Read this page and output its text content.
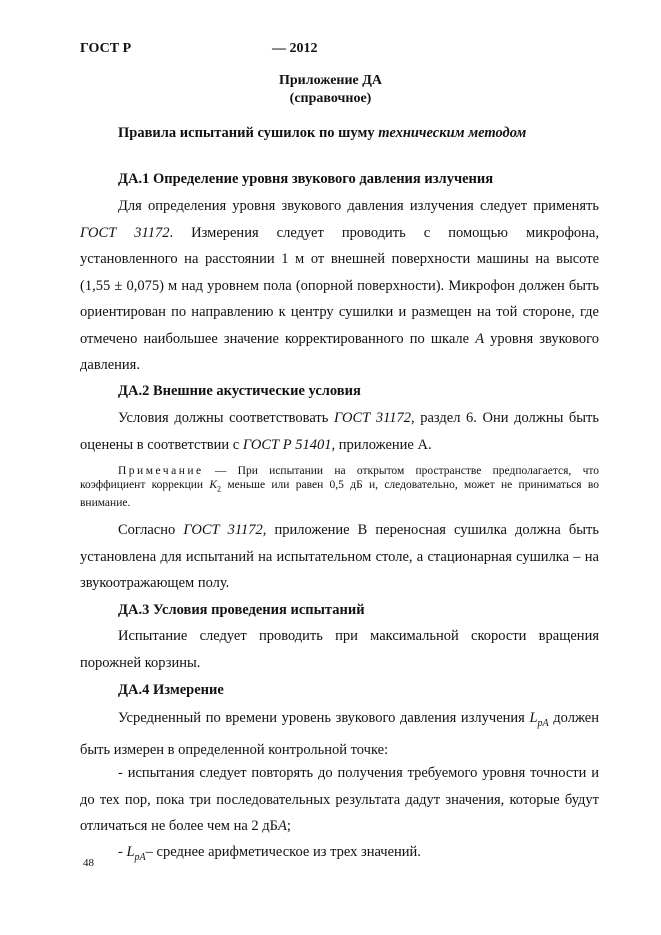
ГОСТ Р	— 2012
Приложение ДА
(справочное)
Правила испытаний сушилок по шуму техническим методом
ДА.1 Определение уровня звукового давления излучения
Для определения уровня звукового давления излучения следует применять ГОСТ 31172. Измерения следует проводить с помощью микрофона, установленного на расстоянии 1 м от внешней поверхности машины на высоте (1,55 ± 0,075) м над уровнем пола (опорной поверхности). Микрофон должен быть ориентирован по направлению к центру сушилки и размещен на той стороне, где отмечено наибольшее значение корректированного по шкале А уровня звукового давления.
ДА.2 Внешние акустические условия
Условия должны соответствовать ГОСТ 31172, раздел 6. Они должны быть оценены в соответствии с ГОСТ Р 51401, приложение А.
Примечание — При испытании на открытом пространстве предполагается, что коэффициент коррекции $K_2$ меньше или равен 0,5 дБ и, следовательно, может не приниматься во внимание.
Согласно ГОСТ 31172, приложение В переносная сушилка должна быть установлена для испытаний на испытательном столе, а стационарная сушилка – на звукоотражающем полу.
ДА.3 Условия проведения испытаний
Испытание следует проводить при максимальной скорости вращения порожней корзины.
ДА.4 Измерение
Усредненный по времени уровень звукового давления излучения $L_{pA}$ должен быть измерен в определенной контрольной точке:
- испытания следует повторять до получения требуемого уровня точности и до тех пор, пока три последовательных результата дадут значения, которые будут отличаться не более чем на 2 дБА;
- $L_{pA}-$ среднее арифметическое из трех значений.
48
